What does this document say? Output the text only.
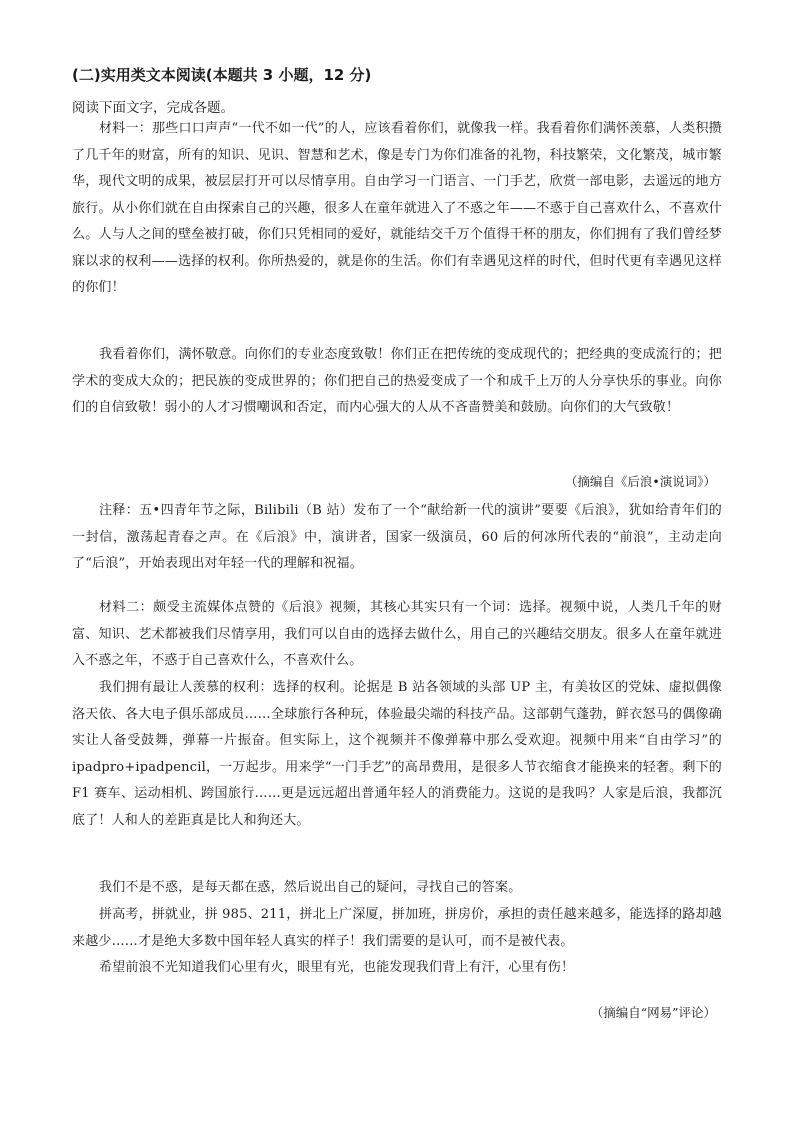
(二)实用类文本阅读(本题共 3 小题，12 分)
阅读下面文字，完成各题。

材料一：那些口口声声“一代不如一代”的人，应该看着你们，就像我一样。我看着你们满怀羡慕，人类积攒了几千年的财富，所有的知识、见识、智慧和艺术，像是专门为你们准备的礼物，科技繁荣，文化繁茂，城市繁华，现代文明的成果，被层层打开可以尽情享用。自由学习一门语言、一门手艺，欣赏一部电影，去遥远的地方旅行。从小你们就在自由探索自己的兴趣，很多人在童年就进入了不惑之年——不惑于自己喜欢什么，不喜欢什么。人与人之间的壁垒被打破，你们只凭相同的爱好，就能结交千万个值得干杯的朋友，你们拥有了我们曾经梦寐以求的权利——选择的权利。你所热爱的，就是你的生活。你们有幸遇见这样的时代，但时代更有幸遇见这样的你们！

我看着你们，满怀敬意。向你们的专业态度致敬！你们正在把传统的变成现代的；把经典的变成流行的；把学术的变成大众的；把民族的变成世界的；你们把自己的热爱变成了一个和成千上万的人分享快乐的事业。向你们的自信致敬！弱小的人才习惯嘲讽和否定，而内心强大的人从不吝啬赞美和鼓励。向你们的大气致敬！

（摘编自《后浪•演说词》）

注释：五•四青年节之际，Bilibili（B 站）发布了一个“献给新一代的演讲”要要《后浪》，犹如给青年们的一封信，激荡起青春之声。在《后浪》中，演讲者，国家一级演员，60 后的何冰所代表的“前浪”，主动走向了“后浪”，开始表现出对年轻一代的理解和祝福。

材料二：颇受主流媒体点赞的《后浪》视频，其核心其实只有一个词：选择。视频中说，人类几千年的财富、知识、艺术都被我们尽情享用，我们可以自由的选择去做什么，用自己的兴趣结交朋友。很多人在童年就进入不惑之年，不惑于自己喜欢什么，不喜欢什么。

我们拥有最让人羡慕的权利：选择的权利。论据是 B 站各领域的头部 UP 主，有美妆区的党妹、虚拟偶像洛天依、各大电子俱乐部成员……全球旅行各种玩，体验最尖端的科技产品。这部朝气蓬勃，鲜衣怒马的偶像确实让人备受鼓舞，弹幕一片振奋。但实际上，这个视频并不像弹幕中那么受欢迎。视频中用来“自由学习”的 ipadpro+ipadpencil，一万起步。用来学“一门手艺”的高昂费用，是很多人节衣缩食才能换来的轻奢。剩下的 F1 赛车、运动相机、跨国旅行……更是远远超出普通年轻人的消费能力。这说的是我吗？人家是后浪，我都沉底了！人和人的差距真是比人和狗还大。

我们不是不惑，是每天都在惑，然后说出自己的疑问，寻找自己的答案。

拼高考，拼就业，拼 985、211，拼北上广深厦，拼加班，拼房价，承担的责任越来越多，能选择的路却越来越少……才是绝大多数中国年轻人真实的样子！我们需要的是认可，而不是被代表。

希望前浪不光知道我们心里有火，眼里有光，也能发现我们背上有汗，心里有伤！

（摘编自“网易”评论）
